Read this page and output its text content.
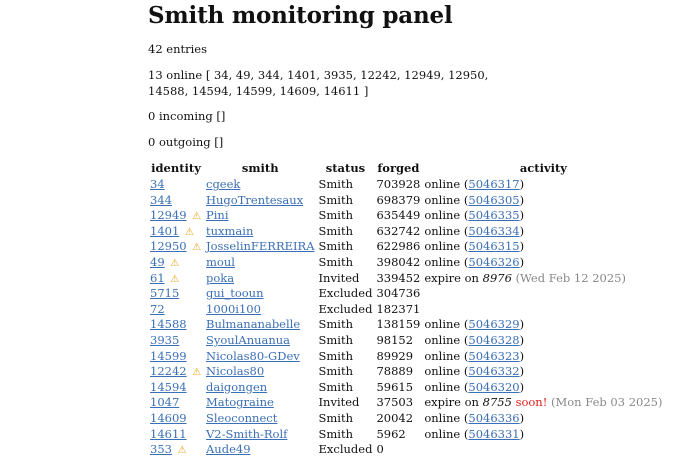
Smith monitoring panel

42 entries

13 online [ 34, 49, 344, 1401, 3935, 12242, 12949, 12950, 14588, 14594, 14599, 14609, 14611 ]

0 incoming []

0 outgoing []

identity	smith	status	forged	activity
34	cgeek	Smith	703928	online (5046317)
344	HugoTrentesaux	Smith	698379	online (5046305)
12949 ⚠	Pini	Smith	635449	online (5046335)
1401 ⚠	tuxmain	Smith	632742	online (5046334)
12950 ⚠	JosselinFERREIRA	Smith	622986	online (5046315)
49 ⚠	moul	Smith	398042	online (5046326)
61 ⚠	poka	Invited	339452	expire on 8976 (Wed Feb 12 2025)
5715	gui_tooun	Excluded	304736	
72	1000i100	Excluded	182371	
14588	Bulmananabelle	Smith	138159	online (5046329)
3935	SyoulAnuanua	Smith	98152	online (5046328)
14599	Nicolas80-GDev	Smith	89929	online (5046323)
12242 ⚠	Nicolas80	Smith	78889	online (5046332)
14594	daigongen	Smith	59615	online (5046320)
1047	Matograine	Invited	37503	expire on 8755 soon! (Mon Feb 03 2025)
14609	Sleoconnect	Smith	20042	online (5046336)
14611	V2-Smith-Rolf	Smith	5962	online (5046331)
353 ⚠	Aude49	Excluded	0	
